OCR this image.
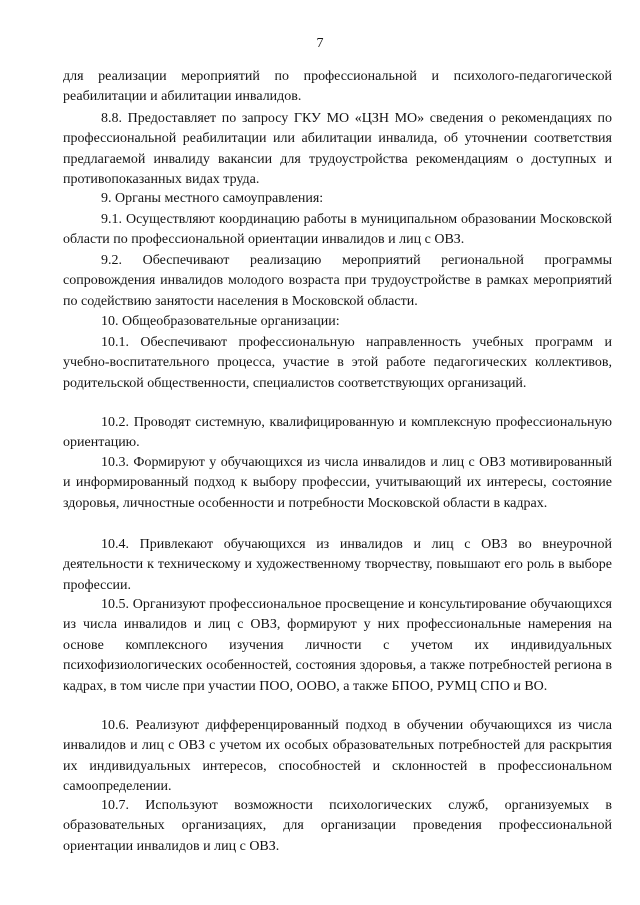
7

для реализации мероприятий по профессиональной и психолого-педагогической реабилитации и абилитации инвалидов.

8.8. Предоставляет по запросу ГКУ МО «ЦЗН МО» сведения о рекомендациях по профессиональной реабилитации или абилитации инвалида, об уточнении соответствия предлагаемой инвалиду вакансии для трудоустройства рекомендациям о доступных и противопоказанных видах труда.

9. Органы местного самоуправления:

9.1. Осуществляют координацию работы в муниципальном образовании Московской области по профессиональной ориентации инвалидов и лиц с ОВЗ.

9.2. Обеспечивают реализацию мероприятий региональной программы сопровождения инвалидов молодого возраста при трудоустройстве в рамках мероприятий по содействию занятости населения в Московской области.

10. Общеобразовательные организации:

10.1. Обеспечивают профессиональную направленность учебных программ и учебно-воспитательного процесса, участие в этой работе педагогических коллективов, родительской общественности, специалистов соответствующих организаций.

10.2. Проводят системную, квалифицированную и комплексную профессиональную ориентацию.

10.3. Формируют у обучающихся из числа инвалидов и лиц с ОВЗ мотивированный и информированный подход к выбору профессии, учитывающий их интересы, состояние здоровья, личностные особенности и потребности Московской области в кадрах.

10.4. Привлекают обучающихся из инвалидов и лиц с ОВЗ во внеурочной деятельности к техническому и художественному творчеству, повышают его роль в выборе профессии.

10.5. Организуют профессиональное просвещение и консультирование обучающихся из числа инвалидов и лиц с ОВЗ, формируют у них профессиональные намерения на основе комплексного изучения личности с учетом их индивидуальных психофизиологических особенностей, состояния здоровья, а также потребностей региона в кадрах, в том числе при участии ПОО, ООВО, а также БПОО, РУМЦ СПО и ВО.

10.6. Реализуют дифференцированный подход в обучении обучающихся из числа инвалидов и лиц с ОВЗ с учетом их особых образовательных потребностей для раскрытия их индивидуальных интересов, способностей и склонностей в профессиональном самоопределении.

10.7. Используют возможности психологических служб, организуемых в образовательных организациях, для организации проведения профессиональной ориентации инвалидов и лиц с ОВЗ.
